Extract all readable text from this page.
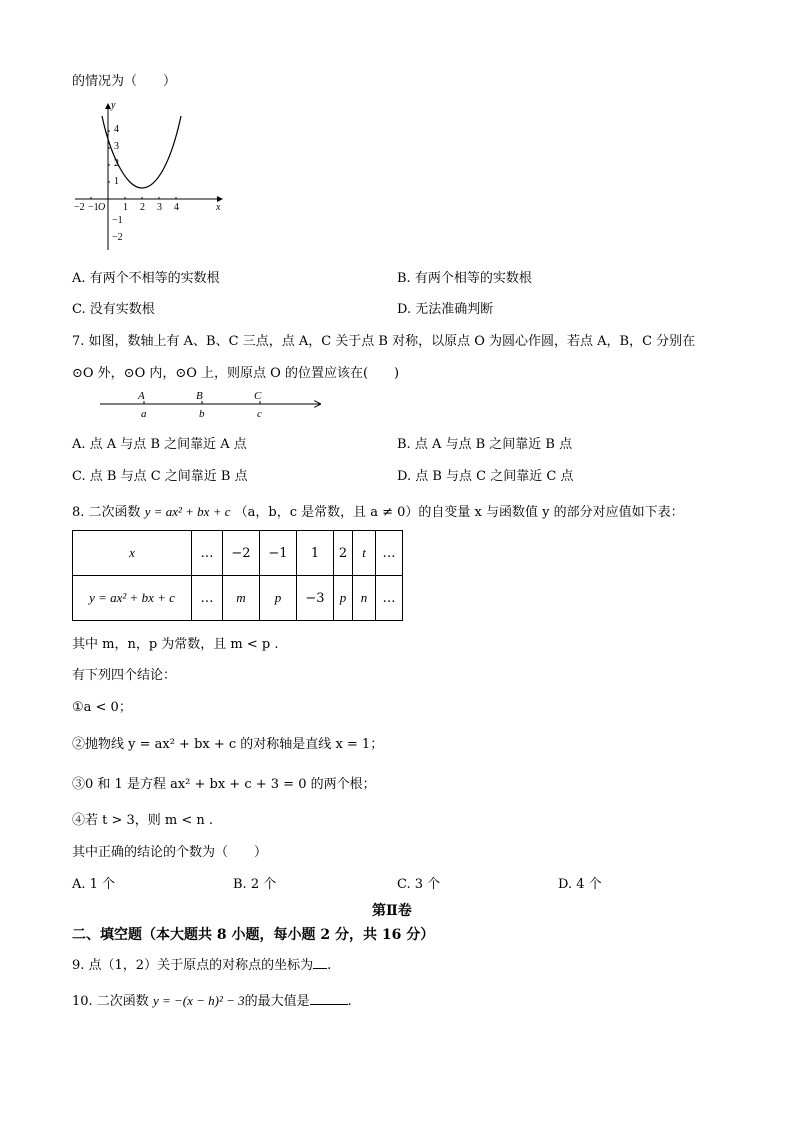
的情况为（　　）
x
y
O
−2 −1 1 2 3 4
4
3
2
1
−1
−2
A. 有两个不相等的实数根	B. 有两个相等的实数根
C. 没有实数根	D. 无法准确判断
7. 如图，数轴上有 A、B、C 三点，点 A，C 关于点 B 对称，以原点 O 为圆心作圆，若点 A，B，C 分别在
⊙O 外，⊙O 内，⊙O 上，则原点 O 的位置应该在(　　)
A	B	C
a	b	c
A. 点 A 与点 B 之间靠近 A 点	B. 点 A 与点 B 之间靠近 B 点
C. 点 B 与点 C 之间靠近 B 点	D. 点 B 与点 C 之间靠近 C 点
8. 二次函数 y = ax² + bx + c （a，b，c 是常数，且 a ≠ 0）的自变量 x 与函数值 y 的部分对应值如下表：
x	…	−2	−1	1	2	t	…
y = ax² + bx + c	…	m	p	−3	p	n	…
其中 m，n，p 为常数，且 m < p .
有下列四个结论：
①a < 0；
②抛物线 y = ax² + bx + c 的对称轴是直线 x = 1；
③0 和 1 是方程 ax² + bx + c + 3 = 0 的两个根；
④若 t > 3，则 m < n .
其中正确的结论的个数为（　　）
A. 1 个	B. 2 个	C. 3 个	D. 4 个
第Ⅱ卷
二、填空题（本大题共 8 小题，每小题 2 分，共 16 分）
9. 点（1，2）关于原点的对称点的坐标为 .
10. 二次函数 y = −(x − h)² − 3的最大值是	.
